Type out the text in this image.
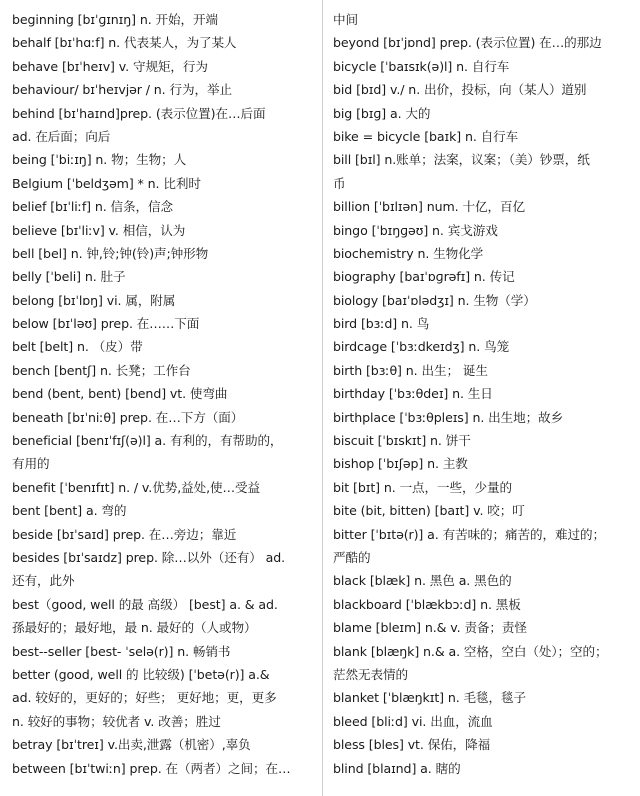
beginning [bɪˈɡɪnɪŋ] n. 开始，开端
behalf [bɪˈhɑːf] n. 代表某人，为了某人
behave [bɪˈheɪv] v. 守规矩，行为
behaviour/ bɪˈheɪvjər / n. 行为，举止
behind [bɪˈhaɪnd]prep. (表示位置)在…后面
ad. 在后面；向后
being [ˈbiːɪŋ] n. 物；生物；人
Belgium [ˈbeldʒəm] * n. 比利时
belief [bɪˈliːf] n. 信条，信念
believe [bɪˈliːv] v. 相信，认为
bell [bel] n. 钟,铃;钟(铃)声;钟形物
belly [ˈbeli] n. 肚子
belong [bɪˈlɒŋ] vi. 属，附属
below [bɪˈləʊ] prep. 在……下面
belt [belt] n. （皮）带
bench [bentʃ] n. 长凳；工作台
bend (bent, bent) [bend] vt. 使弯曲
beneath [bɪˈniːθ] prep. 在…下方（面）
beneficial [benɪˈfɪʃ(ə)l] a. 有利的，有帮助的，
有用的
benefit [ˈbenɪfɪt] n. / v.优势,益处,使…受益
bent [bent] a. 弯的
beside [bɪˈsaɪd] prep. 在…旁边；靠近
besides [bɪˈsaɪdz] prep. 除…以外（还有） ad.
还有，此外
best（good, well 的最 高级） [best] a. & ad.
孫最好的；最好地，最 n. 最好的（人或物）
best--seller [best- ˈselə(r)] n. 畅销书
better (good, well 的 比较级) [ˈbetə(r)] a.&
ad. 较好的，更好的；好些； 更好地；更，更多
n. 较好的事物；较优者 v. 改善；胜过
betray [bɪˈtreɪ] v.出卖,泄露（机密）,辜负
between [bɪˈtwiːn] prep. 在（两者）之间；在…
中间
beyond [bɪˈjɒnd] prep. (表示位置) 在…的那边
bicycle [ˈbaɪsɪk(ə)l] n. 自行车
bid [bɪd] v./ n. 出价，投标，向（某人）道别
big [bɪɡ] a. 大的
bike = bicycle [baɪk] n. 自行车
bill [bɪl] n.账单；法案，议案；（美）钞票，纸
币
billion [ˈbɪlɪən] num. 十亿，百亿
bingo [ˈbɪŋɡəʊ] n. 宾戈游戏
biochemistry n. 生物化学
biography [baɪˈɒɡrəfɪ] n. 传记
biology [baɪˈɒlədʒɪ] n. 生物（学）
bird [bɜːd] n. 鸟
birdcage [ˈbɜːdkeɪdʒ] n. 鸟笼
birth [bɜːθ] n. 出生； 诞生
birthday [ˈbɜːθdeɪ] n. 生日
birthplace [ˈbɜːθpleɪs] n. 出生地；故乡
biscuit [ˈbɪskɪt] n. 饼干
bishop [ˈbɪʃəp] n. 主教
bit [bɪt] n. 一点，一些，少量的
bite (bit, bitten) [baɪt] v. 咬；叮
bitter [ˈbɪtə(r)] a. 有苦味的；痛苦的，难过的；
严酷的
black [blæk] n. 黑色 a. 黑色的
blackboard [ˈblækbɔːd] n. 黑板
blame [bleɪm] n.& v. 责备；责怪
blank [blæŋk] n.& a. 空格，空白（处）；空的；
茫然无表情的
blanket [ˈblæŋkɪt] n. 毛毯，毯子
bleed [bliːd] vi. 出血，流血
bless [bles] vt. 保佑，降福
blind [blaɪnd] a. 瞎的
